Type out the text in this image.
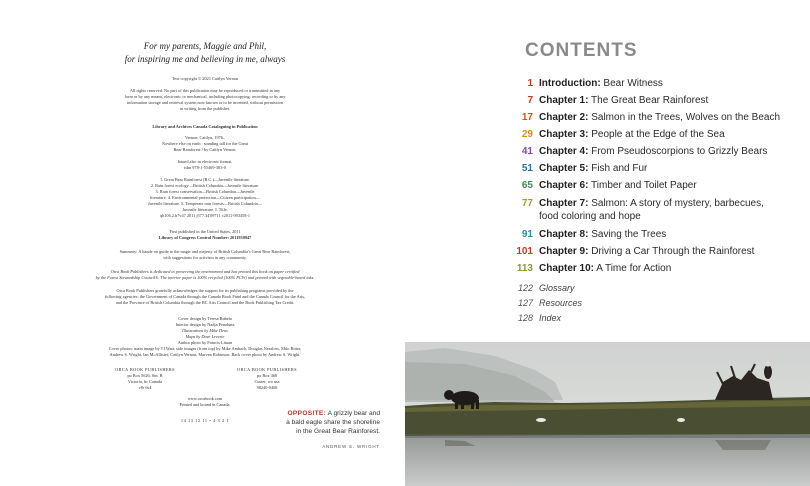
For my parents, Maggie and Phil,
for inspiring me and believing in me, always
Text copyright © 2021 Caitlyn Vernon
All rights reserved. No part of this publication may be reproduced or transmitted in any
form or by any means, electronic or mechanical, including photocopying, recording or by any
information storage and retrieval system now known or to be invented, without permission
in writing from the publisher.
Library and Archives Canada Cataloguing in Publication
Vernon, Caitlyn, 1976–
Nowhere else on earth : standing tall for the Great
Bear Rainforest / by Caitlyn Vernon.

Issued also in electronic format.
isbn 978-1-55469-303-0

1. Great Bear Rainforest (B.C.)—Juvenile literature.
2. Rain forest ecology—British Columbia—Juvenile literature.
3. Rain forest conservation—British Columbia—Juvenile
literature. 4. Environmental protection—Citizen participation—
Juvenile literature. 5. Temperate rain forests—British Columbia—
Juvenile literature. I. Title.
qh106.2.b7v47 2011 j577.34'09711 c2011-903458-1
First published in the United States, 2011
Library of Congress Control Number: 2011930947
Summary: A hands-on guide to the magic and majesty of British Columbia's Great Bear Rainforest,
with suggestions for activism in any community.
Orca Book Publishers is dedicated to preserving the environment and has printed this book on paper certified
by the Forest Stewardship Council®. The interior paper is 100% recycled (100% PCW) and printed with vegetable-based inks.
Orca Book Publishers gratefully acknowledges the support for its publishing programs provided by the
following agencies: the Government of Canada through the Canada Book Fund and the Canada Council for the Arts,
and the Province of British Columbia through the BC Arts Council and the Book Publishing Tax Credit.
Cover design by Teresa Bubela
Interior design by Nadja Penaluna
Illustrations by Mike Deas
Maps by Dave Leverie
Author photo by Francis Lituan
Cover photos: main image by TJ Watt; side images (from top) by Mike Ambach, Douglas Neasloss, Milo Ritter,
Andrew S. Wright, Ian McAllister, Caitlyn Vernon, Marven Robinson. Back cover photo by Andrew S. Wright.
ORCA BOOK PUBLISHERS
po Box 5626, Stn. B
Victoria, bc Canada
v8r 6s4
ORCA BOOK PUBLISHERS
po Box 468
Custer, wa usa
98240-0468
www.orcabook.com
Printed and bound in Canada.
14 13 12 11 • 4 3 2 1
OPPOSITE: A grizzly bear and
a bald eagle share the shoreline
in the Great Bear Rainforest.
ANDREW S. WRIGHT
CONTENTS
1 Introduction: Bear Witness
7 Chapter 1: The Great Bear Rainforest
17 Chapter 2: Salmon in the Trees, Wolves on the Beach
29 Chapter 3: People at the Edge of the Sea
41 Chapter 4: From Pseudoscorpions to Grizzly Bears
51 Chapter 5: Fish and Fur
65 Chapter 6: Timber and Toilet Paper
77 Chapter 7: Salmon: A story of mystery, barbecues,
food coloring and hope
91 Chapter 8: Saving the Trees
101 Chapter 9: Driving a Car Through the Rainforest
113 Chapter 10: A Time for Action
122 Glossary
127 Resources
128 Index
